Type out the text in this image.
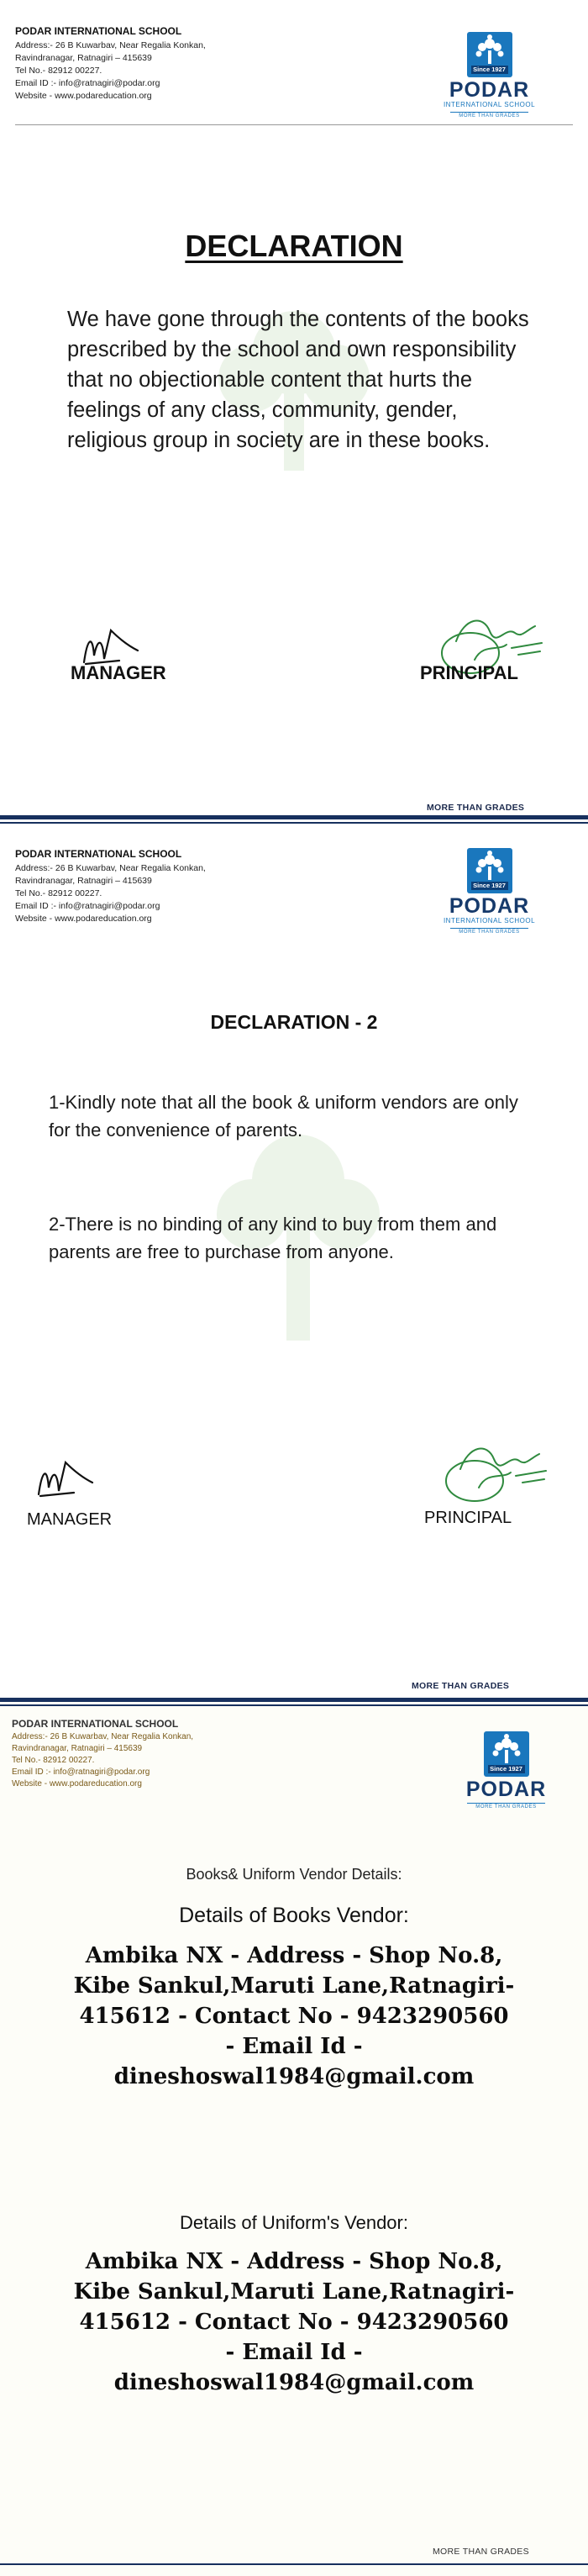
PODAR INTERNATIONAL SCHOOL
Address:- 26 B Kuwarbav, Near Regalia Konkan,
Ravindranagar, Ratnagiri – 415639
Tel No.- 82912 00227.
Email ID :- info@ratnagiri@podar.org
Website - www.podareducation.org
Since 1927
PODAR
INTERNATIONAL SCHOOL
MORE THAN GRADES
DECLARATION
We have gone through the contents of the books prescribed by the school and own responsibility that no objectionable content that hurts the feelings of any class, community, gender, religious group in society are in these books.
MANAGER	PRINCIPAL
MORE THAN GRADES
PODAR INTERNATIONAL SCHOOL
Address:- 26 B Kuwarbav, Near Regalia Konkan,
Ravindranagar, Ratnagiri – 415639
Tel No.- 82912 00227.
Email ID :- info@ratnagiri@podar.org
Website - www.podareducation.org
Since 1927
PODAR
INTERNATIONAL SCHOOL
MORE THAN GRADES
DECLARATION - 2
1-Kindly note that all the book & uniform vendors are only for the convenience of parents.
2-There is no binding of any kind to buy from them and parents are free to purchase from anyone.
MANAGER	PRINCIPAL
MORE THAN GRADES
PODAR INTERNATIONAL SCHOOL
Address:- 26 B Kuwarbav, Near Regalia Konkan,
Ravindranagar, Ratnagiri – 415639
Tel No.- 82912 00227.
Email ID :- info@ratnagiri@podar.org
Website - www.podareducation.org
Since 1927
PODAR
MORE THAN GRADES
Books& Uniform Vendor Details:
Details of Books Vendor:
Ambika NX - Address - Shop No.8,
Kibe Sankul,Maruti Lane,Ratnagiri-
415612 - Contact No - 9423290560
- Email Id -
dineshoswal1984@gmail.com
Details of Uniform's Vendor:
Ambika NX - Address - Shop No.8,
Kibe Sankul,Maruti Lane,Ratnagiri-
415612 - Contact No - 9423290560
- Email Id -
dineshoswal1984@gmail.com
MORE THAN GRADES
